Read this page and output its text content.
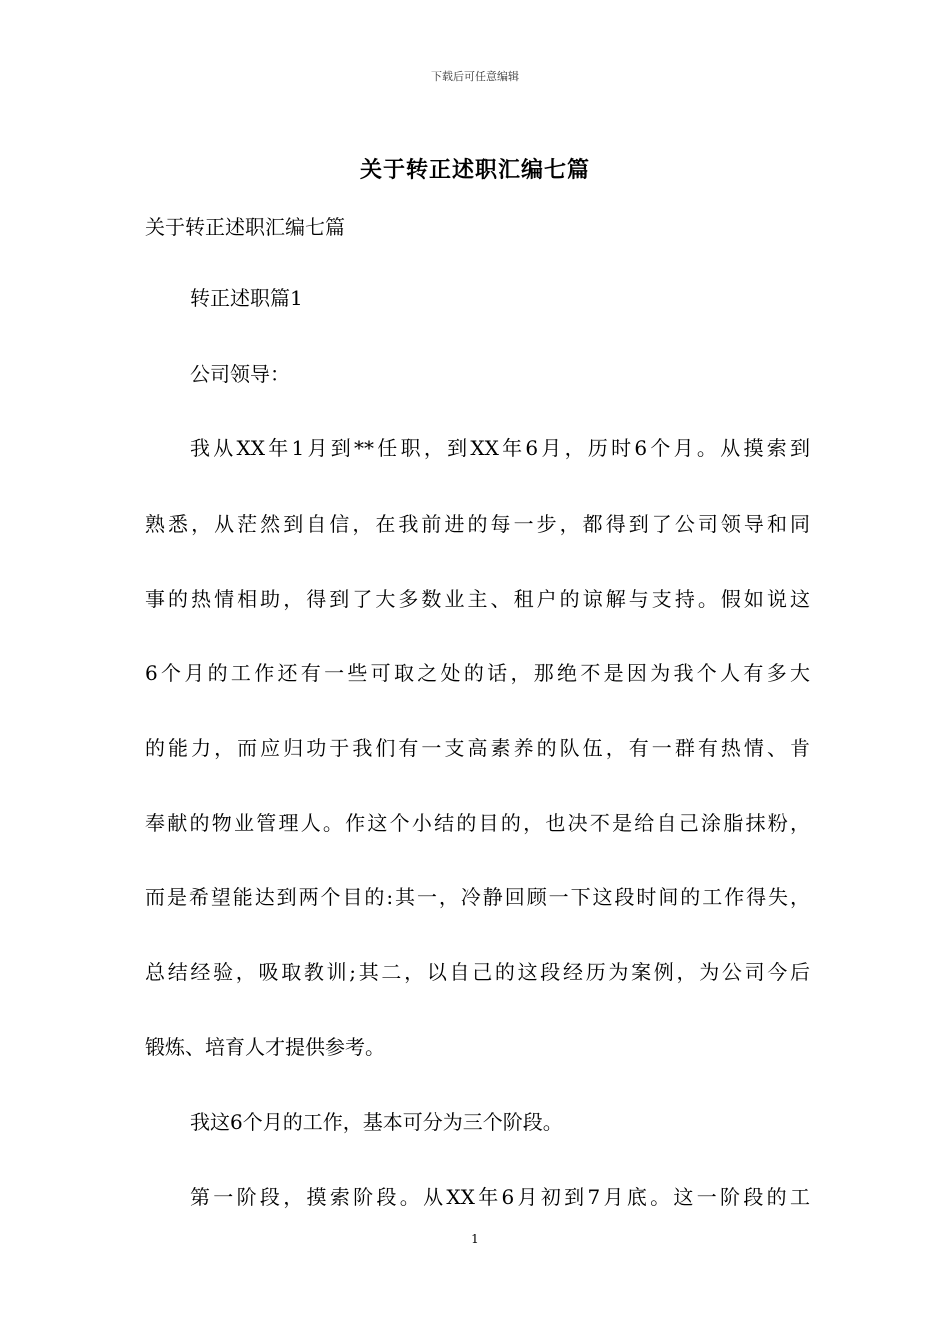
下载后可任意编辑
关于转正述职汇编七篇
关于转正述职汇编七篇
转正述职篇1
公司领导：
我从XX年1月到**任职，到XX年6月，历时6个月。从摸索到
熟悉，从茫然到自信，在我前进的每一步，都得到了公司领导和同
事的热情相助，得到了大多数业主、租户的谅解与支持。假如说这
6个月的工作还有一些可取之处的话，那绝不是因为我个人有多大
的能力，而应归功于我们有一支高素养的队伍，有一群有热情、肯
奉献的物业管理人。作这个小结的目的，也决不是给自己涂脂抹粉，
而是希望能达到两个目的:其一，冷静回顾一下这段时间的工作得失，
总结经验，吸取教训;其二，以自己的这段经历为案例，为公司今后
锻炼、培育人才提供参考。
我这6个月的工作，基本可分为三个阶段。
第一阶段，摸索阶段。从XX年6月初到7月底。这一阶段的工
1
